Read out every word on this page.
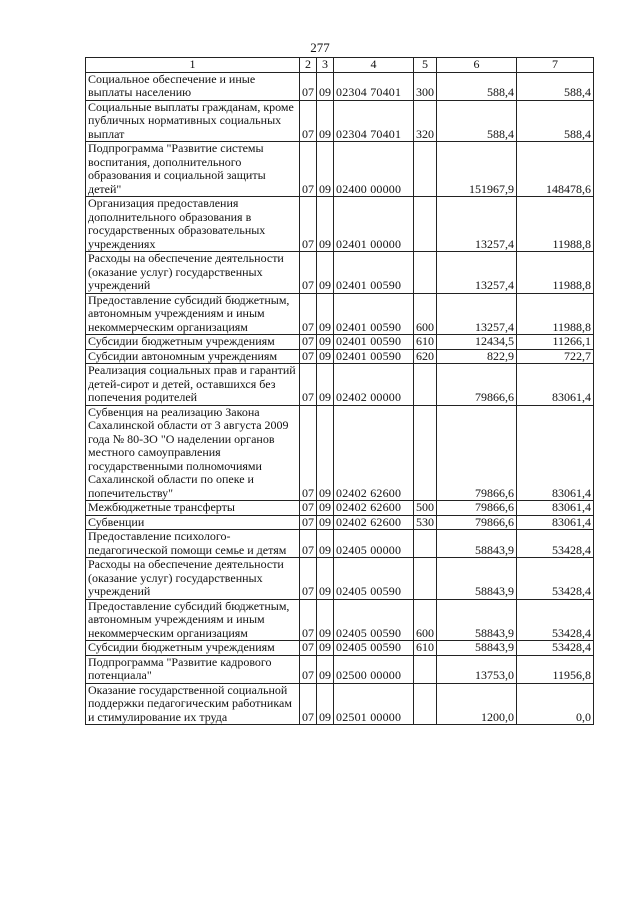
277
1	2	3	4	5	6	7
Социальное обеспечение и иные выплаты населению	07	09	02304 70401	300	588,4	588,4
Социальные выплаты гражданам, кроме публичных нормативных социальных выплат	07	09	02304 70401	320	588,4	588,4
Подпрограмма "Развитие системы воспитания, дополнительного образования и социальной защиты детей"	07	09	02400 00000		151967,9	148478,6
Организация предоставления дополнительного образования в государственных образовательных учреждениях	07	09	02401 00000		13257,4	11988,8
Расходы на обеспечение деятельности (оказание услуг) государственных учреждений	07	09	02401 00590		13257,4	11988,8
Предоставление субсидий бюджетным, автономным учреждениям и иным некоммерческим организациям	07	09	02401 00590	600	13257,4	11988,8
Субсидии бюджетным учреждениям	07	09	02401 00590	610	12434,5	11266,1
Субсидии автономным учреждениям	07	09	02401 00590	620	822,9	722,7
Реализация социальных прав и гарантий детей-сирот и детей, оставшихся без попечения родителей	07	09	02402 00000		79866,6	83061,4
Субвенция на реализацию Закона Сахалинской области от 3 августа 2009 года № 80-ЗО "О наделении органов местного самоуправления государственными полномочиями Сахалинской области по опеке и попечительству"	07	09	02402 62600		79866,6	83061,4
Межбюджетные трансферты	07	09	02402 62600	500	79866,6	83061,4
Субвенции	07	09	02402 62600	530	79866,6	83061,4
Предоставление психолого-педагогической помощи семье и детям	07	09	02405 00000		58843,9	53428,4
Расходы на обеспечение деятельности (оказание услуг) государственных учреждений	07	09	02405 00590		58843,9	53428,4
Предоставление субсидий бюджетным, автономным учреждениям и иным некоммерческим организациям	07	09	02405 00590	600	58843,9	53428,4
Субсидии бюджетным учреждениям	07	09	02405 00590	610	58843,9	53428,4
Подпрограмма "Развитие кадрового потенциала"	07	09	02500 00000		13753,0	11956,8
Оказание государственной социальной поддержки педагогическим работникам и стимулирование их труда	07	09	02501 00000		1200,0	0,0
